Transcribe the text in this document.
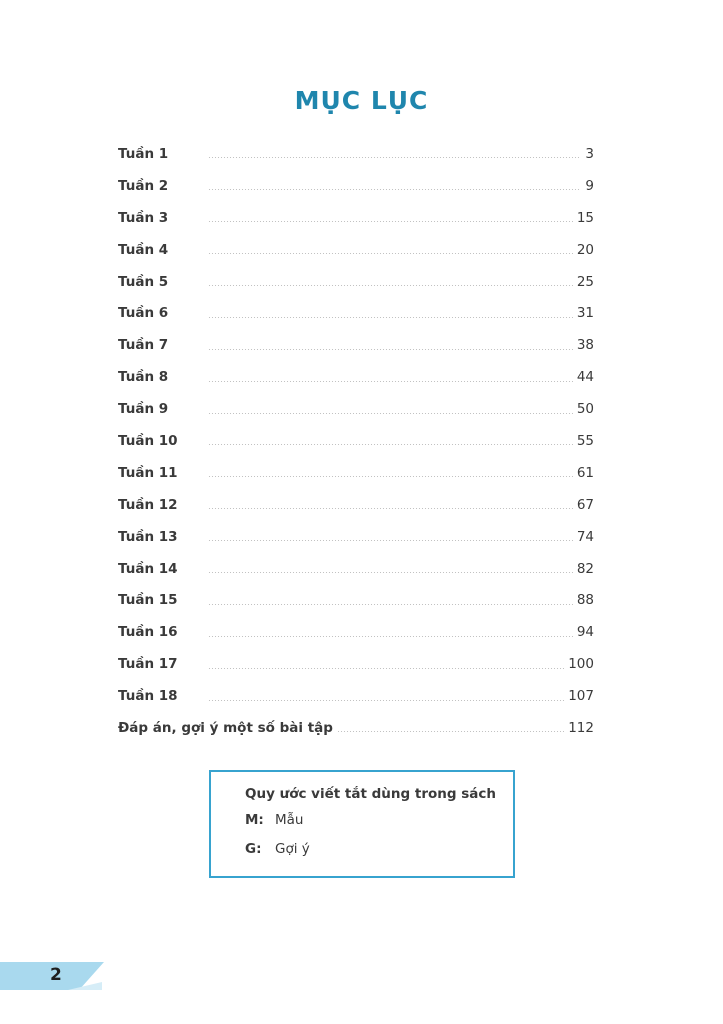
MỤC LỤC
Tuần 1	3
Tuần 2	9
Tuần 3	15
Tuần 4	20
Tuần 5	25
Tuần 6	31
Tuần 7	38
Tuần 8	44
Tuần 9	50
Tuần 10	55
Tuần 11	61
Tuần 12	67
Tuần 13	74
Tuần 14	82
Tuần 15	88
Tuần 16	94
Tuần 17	100
Tuần 18	107
Đáp án, gợi ý một số bài tập	112

Quy ước viết tắt dùng trong sách

M: Mẫu
G:	Gợi ý
2
